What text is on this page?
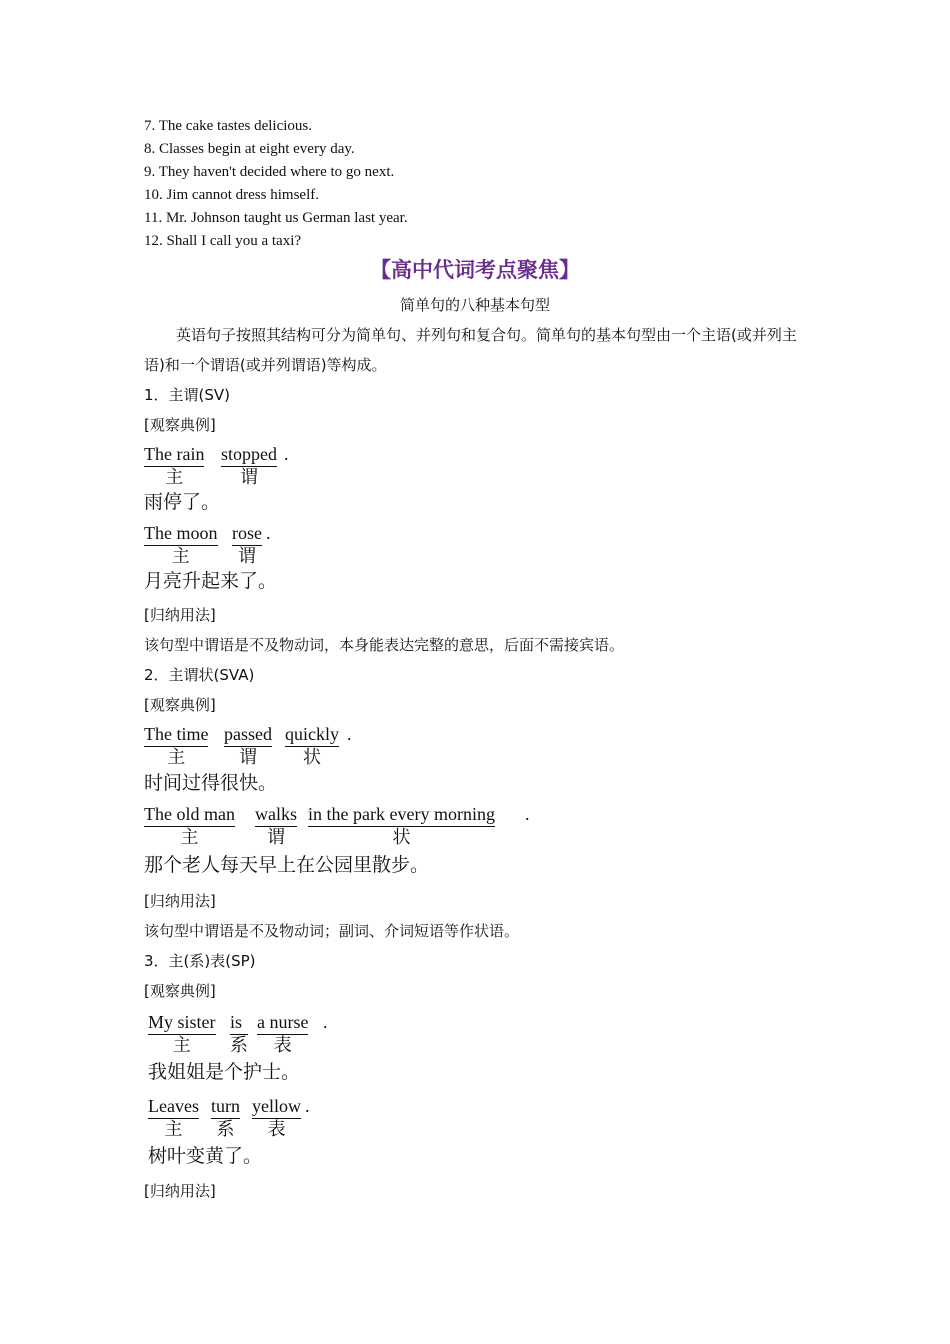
7. The cake tastes delicious.
8. Classes begin at eight every day.
9. They haven't decided where to go next.
10. Jim cannot dress himself.
11. Mr. Johnson taught us German last year.
12. Shall I call you a taxi?
【高中代词考点聚焦】
简单句的八种基本句型
英语句子按照其结构可分为简单句、并列句和复合句。简单句的基本句型由一个主语(或并列主语)和一个谓语(或并列谓语)等构成。
1．主谓(SV)
[观察典例]
The rain
主
stopped
谓
.
雨停了。
The moon
主
rose
谓
.
月亮升起来了。
[归纳用法]
该句型中谓语是不及物动词，本身能表达完整的意思，后面不需接宾语。
2．主谓状(SVA)
[观察典例]
The time
主
passed
谓
quickly
状
.
时间过得很快。
The old man
主
walks
谓
in the park every morning
状
.
那个老人每天早上在公园里散步。
[归纳用法]
该句型中谓语是不及物动词；副词、介词短语等作状语。
3．主(系)表(SP)
[观察典例]
My sister
主
is
系
a nurse
表
.
我姐姐是个护士。
Leaves
主
turn
系
yellow
表
.
树叶变黄了。
[归纳用法]
